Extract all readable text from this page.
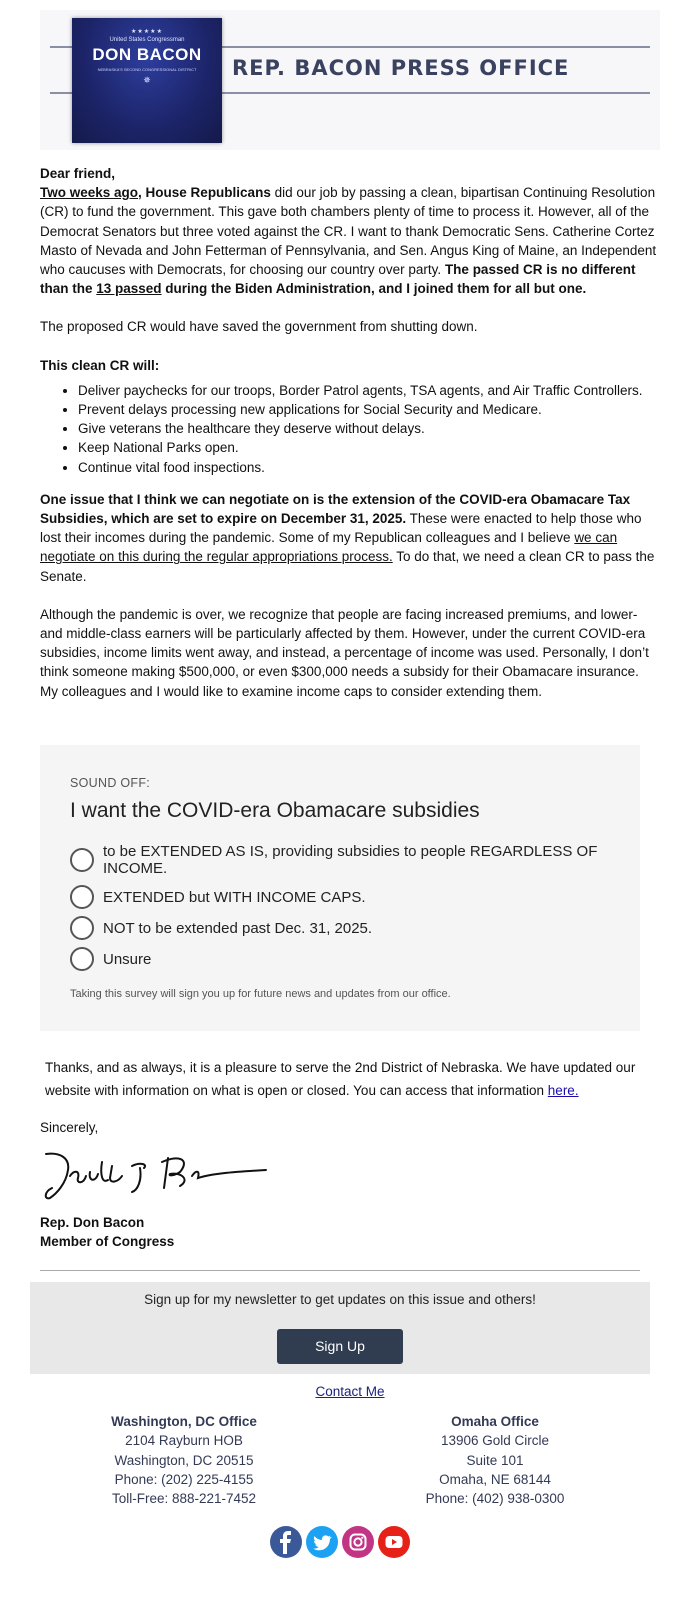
★★★★★
United States Congressman
DON BACON
NEBRASKA'S SECOND CONGRESSIONAL DISTRICT
✵	REP. BACON PRESS OFFICE

Dear friend,

Two weeks ago, House Republicans did our job by passing a clean, bipartisan Continuing Resolution (CR) to fund the government. This gave both chambers plenty of time to process it. However, all of the Democrat Senators but three voted against the CR. I want to thank Democratic Sens. Catherine Cortez Masto of Nevada and John Fetterman of Pennsylvania, and Sen. Angus King of Maine, an Independent who caucuses with Democrats, for choosing our country over party. The passed CR is no different than the 13 passed during the Biden Administration, and I joined them for all but one.

The proposed CR would have saved the government from shutting down.

This clean CR will:

• Deliver paychecks for our troops, Border Patrol agents, TSA agents, and Air Traffic Controllers.
• Prevent delays processing new applications for Social Security and Medicare.
• Give veterans the healthcare they deserve without delays.
• Keep National Parks open.
• Continue vital food inspections.

One issue that I think we can negotiate on is the extension of the COVID-era Obamacare Tax Subsidies, which are set to expire on December 31, 2025. These were enacted to help those who lost their incomes during the pandemic. Some of my Republican colleagues and I believe we can negotiate on this during the regular appropriations process. To do that, we need a clean CR to pass the Senate.

Although the pandemic is over, we recognize that people are facing increased premiums, and lower- and middle-class earners will be particularly affected by them. However, under the current COVID-era subsidies, income limits went away, and instead, a percentage of income was used. Personally, I don’t think someone making $500,000, or even $300,000 needs a subsidy for their Obamacare insurance. My colleagues and I would like to examine income caps to consider extending them.

SOUND OFF:
I want the COVID-era Obamacare subsidies
to be EXTENDED AS IS, providing subsidies to people REGARDLESS OF INCOME.
EXTENDED but WITH INCOME CAPS.
NOT to be extended past Dec. 31, 2025.
Unsure
Taking this survey will sign you up for future news and updates from our office.

Thanks, and as always, it is a pleasure to serve the 2nd District of Nebraska. We have updated our website with information on what is open or closed. You can access that information here.

Sincerely,

Rep. Don Bacon

Member of Congress

Sign up for my newsletter to get updates on this issue and others!
Sign Up
Contact Me
Washington, DC Office
2104 Rayburn HOB
Washington, DC 20515
Phone: (202) 225-4155
Toll-Free: 888-221-7452
Omaha Office
13906 Gold Circle
Suite 101
Omaha, NE 68144
Phone: (402) 938-0300
